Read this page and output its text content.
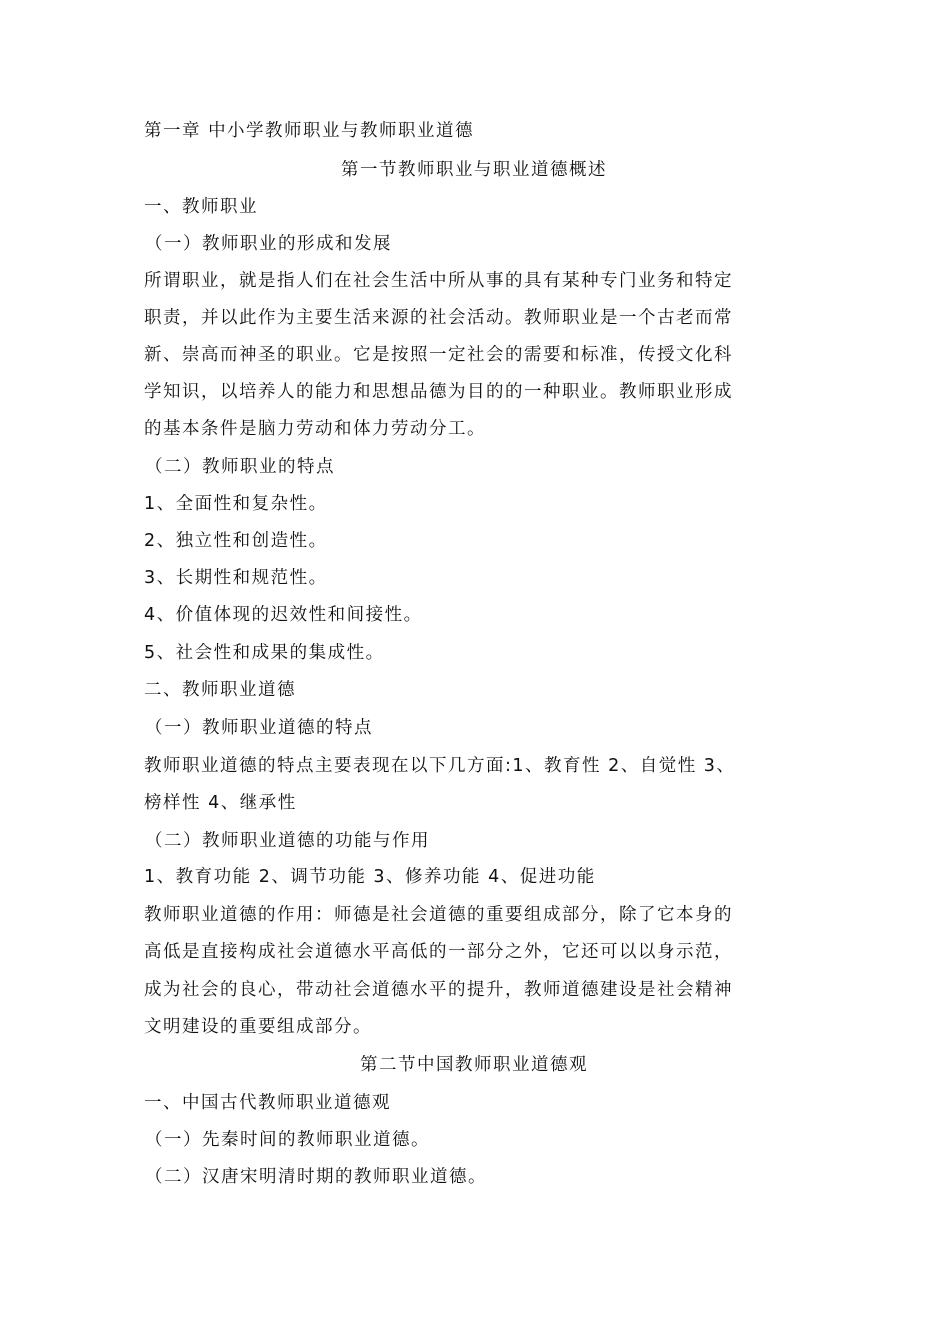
第一章 中小学教师职业与教师职业道德
第一节教师职业与职业道德概述
一、教师职业
（一）教师职业的形成和发展
所谓职业，就是指人们在社会生活中所从事的具有某种专门业务和特定
职责，并以此作为主要生活来源的社会活动。教师职业是一个古老而常
新、崇高而神圣的职业。它是按照一定社会的需要和标准，传授文化科
学知识，以培养人的能力和思想品德为目的的一种职业。教师职业形成
的基本条件是脑力劳动和体力劳动分工。
（二）教师职业的特点
1、全面性和复杂性。
2、独立性和创造性。
3、长期性和规范性。
4、价值体现的迟效性和间接性。
5、社会性和成果的集成性。
二、教师职业道德
（一）教师职业道德的特点
教师职业道德的特点主要表现在以下几方面:1、教育性 2、自觉性 3、
榜样性 4、继承性
（二）教师职业道德的功能与作用
1、教育功能 2、调节功能 3、修养功能 4、促进功能
教师职业道德的作用：师德是社会道德的重要组成部分，除了它本身的
高低是直接构成社会道德水平高低的一部分之外，它还可以以身示范，
成为社会的良心，带动社会道德水平的提升，教师道德建设是社会精神
文明建设的重要组成部分。
第二节中国教师职业道德观
一、中国古代教师职业道德观
（一）先秦时间的教师职业道德。
（二）汉唐宋明清时期的教师职业道德。
